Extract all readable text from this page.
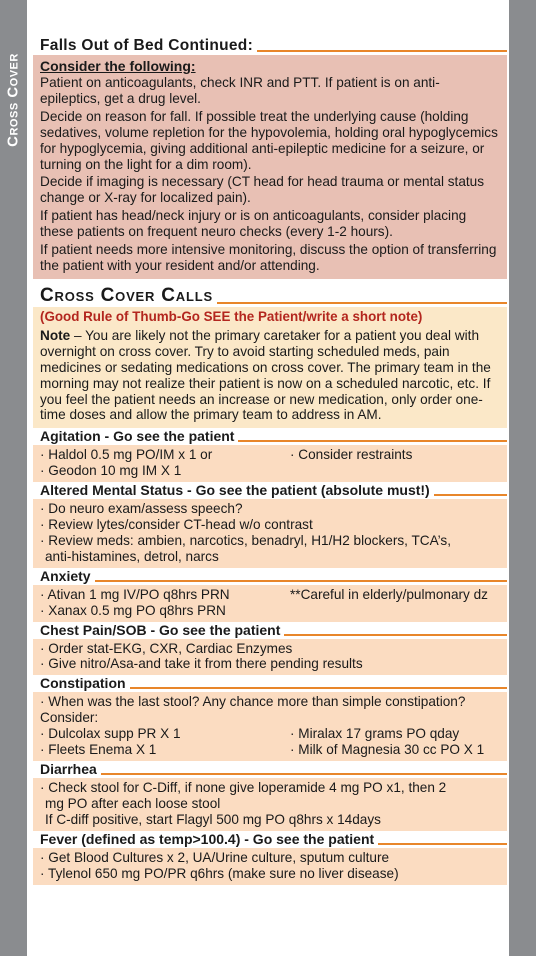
Cross Cover
Falls Out of Bed Continued:
Consider the following:

Patient on anticoagulants, check INR and PTT. If patient is on anti-epileptics, get a drug level.

Decide on reason for fall. If possible treat the underlying cause (holding sedatives, volume repletion for the hypovolemia, holding oral hypoglycemics for hypoglycemia, giving additional anti-epileptic medicine for a seizure, or turning on the light for a dim room).

Decide if imaging is necessary (CT head for head trauma or mental status change or X-ray for localized pain).

If patient has head/neck injury or is on anticoagulants, consider placing these patients on frequent neuro checks (every 1-2 hours).

If patient needs more intensive monitoring, discuss the option of transferring the patient with your resident and/or attending.

Cross Cover Calls
(Good Rule of Thumb-Go SEE the Patient/write a short note)

Note – You are likely not the primary caretaker for a patient you deal with overnight on cross cover. Try to avoid starting scheduled meds, pain medicines or sedating medications on cross cover. The primary team in the morning may not realize their patient is now on a scheduled narcotic, etc. If you feel the patient needs an increase or new medication, only order one-time doses and allow the primary team to address in AM.

Agitation - Go see the patient
· Haldol 0.5 mg PO/IM x 1 or	· Consider restraints
· Geodon 10 mg IM X 1
Altered Mental Status - Go see the patient (absolute must!)
· Do neuro exam/assess speech?
· Review lytes/consider CT-head w/o contrast
· Review meds: ambien, narcotics, benadryl, H1/H2 blockers, TCA’s,
anti-histamines, detrol, narcs
Anxiety
· Ativan 1 mg IV/PO q8hrs PRN	**Careful in elderly/pulmonary dz
· Xanax 0.5 mg PO q8hrs PRN
Chest Pain/SOB - Go see the patient
· Order stat-EKG, CXR, Cardiac Enzymes
· Give nitro/Asa-and take it from there pending results
Constipation
· When was the last stool? Any chance more than simple constipation?
Consider:
· Dulcolax supp PR X 1	· Miralax 17 grams PO qday
· Fleets Enema X 1	· Milk of Magnesia 30 cc PO X 1
Diarrhea
· Check stool for C-Diff, if none give loperamide 4 mg PO x1, then 2
mg PO after each loose stool
If C-diff positive, start Flagyl 500 mg PO q8hrs x 14days
Fever (defined as temp>100.4) - Go see the patient
· Get Blood Cultures x 2, UA/Urine culture, sputum culture
· Tylenol 650 mg PO/PR q6hrs (make sure no liver disease)
